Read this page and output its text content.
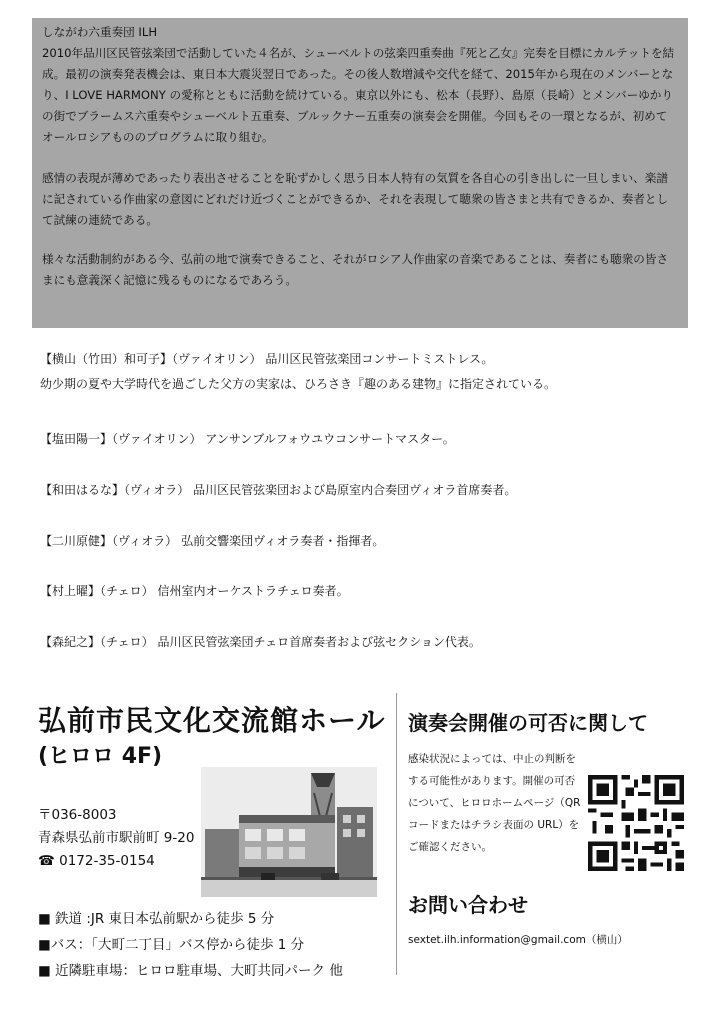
しながわ六重奏団 ILH

2010年品川区民管弦楽団で活動していた４名が、シューベルトの弦楽四重奏曲『死と乙女』完奏を目標にカルテットを結成。最初の演奏発表機会は、東日本大震災翌日であった。その後人数増減や交代を経て、2015年から現在のメンバーとなり、I LOVE HARMONY の愛称とともに活動を続けている。東京以外にも、松本（長野）、島原（長崎）とメンバーゆかりの街でブラームス六重奏やシューベルト五重奏、ブルックナー五重奏の演奏会を開催。今回もその一環となるが、初めてオールロシアもののプログラムに取り組む。

感情の表現が薄めであったり表出させることを恥ずかしく思う日本人特有の気質を各自心の引き出しに一旦しまい、楽譜に記されている作曲家の意図にどれだけ近づくことができるか、それを表現して聴衆の皆さまと共有できるか、奏者として試練の連続である。

様々な活動制約がある今、弘前の地で演奏できること、それがロシア人作曲家の音楽であることは、奏者にも聴衆の皆さまにも意義深く記憶に残るものになるであろう。

【横山（竹田）和可子】（ヴァイオリン） 品川区民管弦楽団コンサートミストレス。
幼少期の夏や大学時代を過ごした父方の実家は、ひろさき『趣のある建物』に指定されている。
【塩田陽一】（ヴァイオリン） アンサンブルフォウユウコンサートマスター。
【和田はるな】（ヴィオラ） 品川区民管弦楽団および島原室内合奏団ヴィオラ首席奏者。
【二川原健】（ヴィオラ） 弘前交響楽団ヴィオラ奏者・指揮者。
【村上曜】（チェロ） 信州室内オーケストラチェロ奏者。
【森紀之】（チェロ） 品川区民管弦楽団チェロ首席奏者および弦セクション代表。
弘前市民文化交流館ホール
(ヒロロ 4F)
〒036-8003
青森県弘前市駅前町 9-20
☎ 0172-35-0154
■ 鉄道 :JR 東日本弘前駅から徒歩 5 分
■バス：「大町二丁目」バス停から徒歩 1 分
■ 近隣駐車場：ヒロロ駐車場、大町共同パーク 他
演奏会開催の可否に関して

感染状況によっては、中止の判断をする可能性があります。開催の可否について、ヒロロホームページ（QR コードまたはチラシ表面の URL）をご確認ください。

お問い合わせ
sextet.ilh.information@gmail.com（横山）
